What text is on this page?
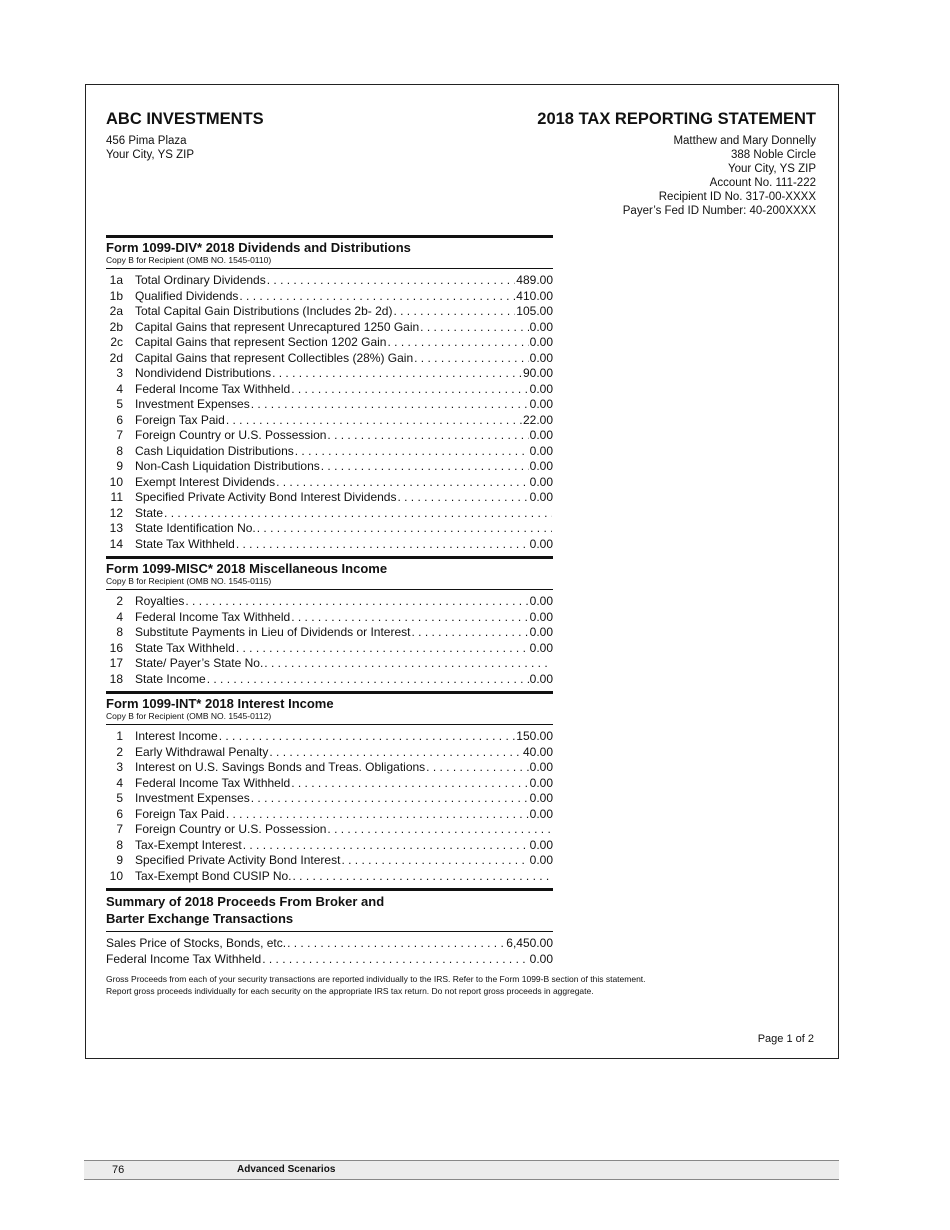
ABC INVESTMENTS
456 Pima Plaza
Your City, YS ZIP
2018 TAX REPORTING STATEMENT
Matthew and Mary Donnelly
388 Noble Circle
Your City, YS ZIP
Account No. 111-222
Recipient ID No. 317-00-XXXX
Payer’s Fed ID Number: 40-200XXXX
Form 1099-DIV* 2018 Dividends and Distributions
Copy B for Recipient (OMB NO. 1545-0110)
1a Total Ordinary Dividends . . .	489.00
1b Qualified Dividends . . .	410.00
2a Total Capital Gain Distributions (Includes 2b- 2d) . . .	105.00
2b Capital Gains that represent Unrecaptured 1250 Gain . . .	0.00
2c Capital Gains that represent Section 1202 Gain . . .	0.00
2d Capital Gains that represent Collectibles (28%) Gain . . .	0.00
3 Nondividend Distributions . . .	90.00
4 Federal Income Tax Withheld . . .	0.00
5 Investment Expenses . . .	0.00
6 Foreign Tax Paid . . .	22.00
7 Foreign Country or U.S. Possession . . .	0.00
8 Cash Liquidation Distributions . . .	0.00
9 Non-Cash Liquidation Distributions . . .	0.00
10 Exempt Interest Dividends . . .	0.00
11 Specified Private Activity Bond Interest Dividends . . .	0.00
12 State
. . .
13 State Identification No.
. . .
14 State Tax Withheld . . .	0.00
Form 1099-MISC* 2018 Miscellaneous Income
Copy B for Recipient (OMB NO. 1545-0115)
2 Royalties . . .	0.00
4 Federal Income Tax Withheld . . .	0.00
8 Substitute Payments in Lieu of Dividends or Interest . . .	0.00
16 State Tax Withheld . . .	0.00
17 State/ Payer’s State No.
. . .
18 State Income . . .	0.00
Form 1099-INT* 2018 Interest Income
Copy B for Recipient (OMB NO. 1545-0112)
1 Interest Income . . .	150.00
2 Early Withdrawal Penalty . . .	40.00
3 Interest on U.S. Savings Bonds and Treas. Obligations . . .	0.00
4 Federal Income Tax Withheld . . .	0.00
5 Investment Expenses . . .	0.00
6 Foreign Tax Paid . . .	0.00
7 Foreign Country or U.S. Possession
. . .
8 Tax-Exempt Interest . . .	0.00
9 Specified Private Activity Bond Interest . . .	0.00
10 Tax-Exempt Bond CUSIP No.
. . .
Summary of 2018 Proceeds From Broker and
Barter Exchange Transactions
Sales Price of Stocks, Bonds, etc. . . .	6,450.00
Federal Income Tax Withheld . . .	0.00
Gross Proceeds from each of your security transactions are reported individually to the IRS. Refer to the Form 1099-B section of this statement.
Report gross proceeds individually for each security on the appropriate IRS tax return. Do not report gross proceeds in aggregate.
Page 1 of 2
76	Advanced Scenarios
